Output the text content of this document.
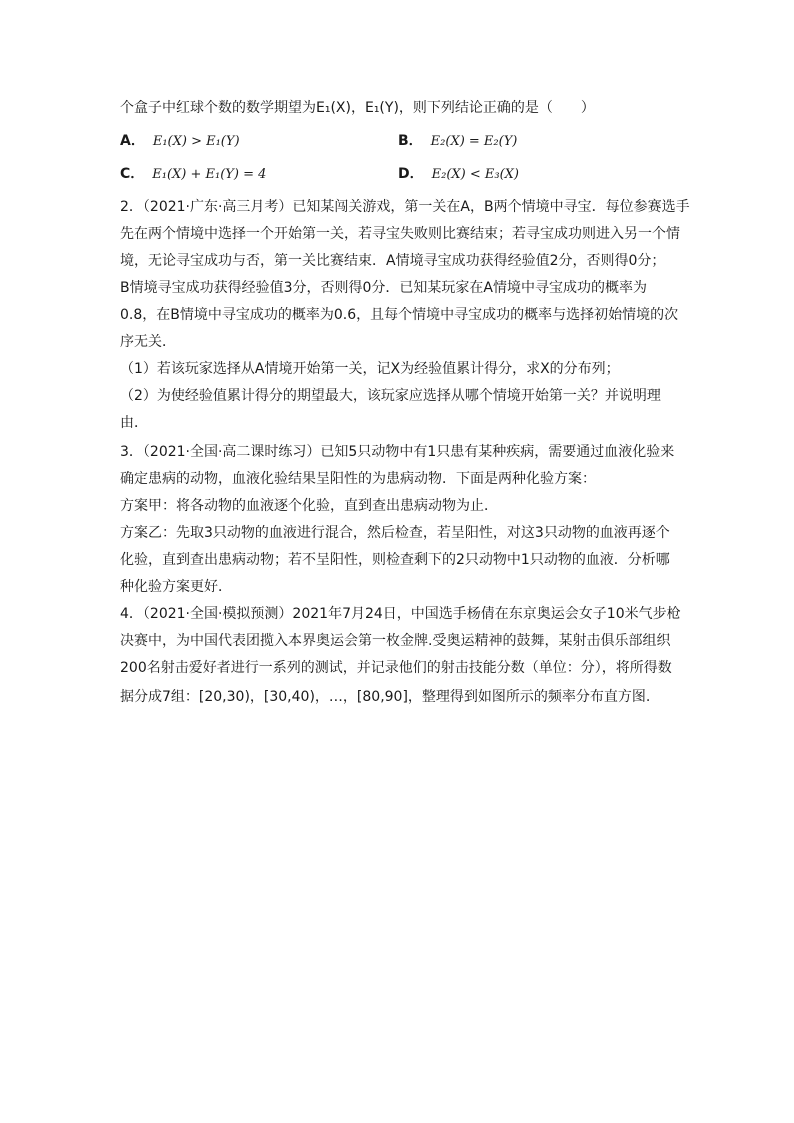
个盒子中红球个数的数学期望为E₁(X)，E₁(Y)，则下列结论正确的是（　　）
A． E₁(X) > E₁(Y)	B． E₂(X) = E₂(Y)
C． E₁(X) + E₁(Y) = 4	D． E₂(X) < E₃(X)
2．（2021·广东·高三月考）已知某闯关游戏，第一关在A，B两个情境中寻宝．每位参赛选手
先在两个情境中选择一个开始第一关，若寻宝失败则比赛结束；若寻宝成功则进入另一个情
境，无论寻宝成功与否，第一关比赛结束．A情境寻宝成功获得经验值2分，否则得0分；
B情境寻宝成功获得经验值3分，否则得0分．已知某玩家在A情境中寻宝成功的概率为
0.8，在B情境中寻宝成功的概率为0.6，且每个情境中寻宝成功的概率与选择初始情境的次
序无关．
（1）若该玩家选择从A情境开始第一关，记X为经验值累计得分，求X的分布列；
（2）为使经验值累计得分的期望最大，该玩家应选择从哪个情境开始第一关？并说明理
由．
3．（2021·全国·高二课时练习）已知5只动物中有1只患有某种疾病，需要通过血液化验来
确定患病的动物，血液化验结果呈阳性的为患病动物．下面是两种化验方案：
方案甲：将各动物的血液逐个化验，直到查出患病动物为止．
方案乙：先取3只动物的血液进行混合，然后检查，若呈阳性，对这3只动物的血液再逐个
化验，直到查出患病动物；若不呈阳性，则检查剩下的2只动物中1只动物的血液．分析哪
种化验方案更好．
4．（2021·全国·模拟预测）2021年7月24日，中国选手杨倩在东京奥运会女子10米气步枪
决赛中，为中国代表团揽入本界奥运会第一枚金牌.受奥运精神的鼓舞，某射击俱乐部组织
200名射击爱好者进行一系列的测试，并记录他们的射击技能分数（单位：分），将所得数
据分成7组：[20,30)，[30,40)，…，[80,90]，整理得到如图所示的频率分布直方图.
